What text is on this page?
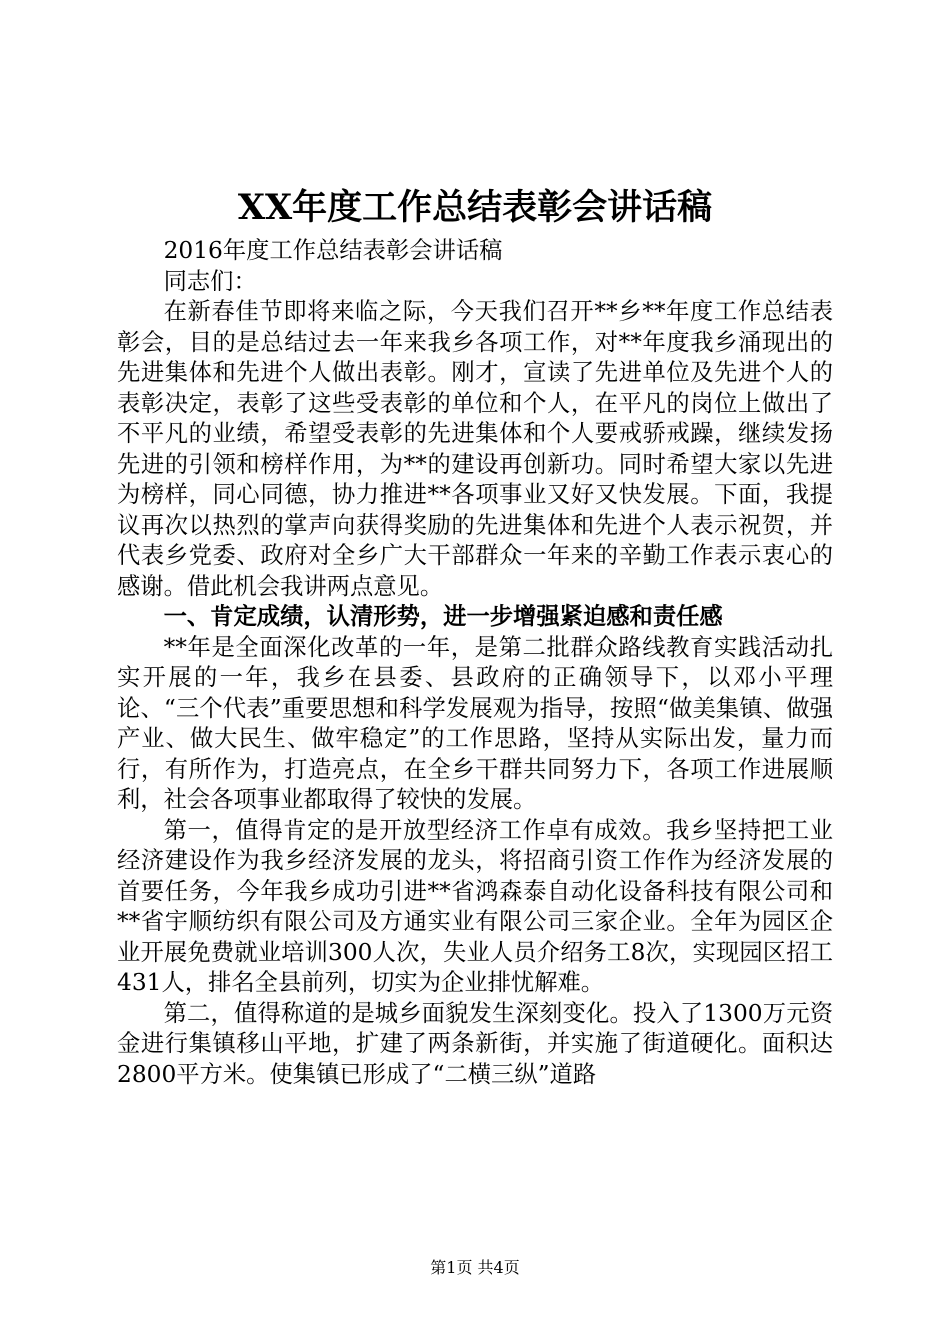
XX年度工作总结表彰会讲话稿

2016年度工作总结表彰会讲话稿

同志们：

在新春佳节即将来临之际，今天我们召开**乡**年度工作总结表彰会，目的是总结过去一年来我乡各项工作，对**年度我乡涌现出的先进集体和先进个人做出表彰。刚才，宣读了先进单位及先进个人的表彰决定，表彰了这些受表彰的单位和个人，在平凡的岗位上做出了不平凡的业绩，希望受表彰的先进集体和个人要戒骄戒躁，继续发扬先进的引领和榜样作用，为**的建设再创新功。同时希望大家以先进为榜样，同心同德，协力推进**各项事业又好又快发展。下面，我提议再次以热烈的掌声向获得奖励的先进集体和先进个人表示祝贺，并代表乡党委、政府对全乡广大干部群众一年来的辛勤工作表示衷心的感谢。借此机会我讲两点意见。

一、肯定成绩，认清形势，进一步增强紧迫感和责任感

**年是全面深化改革的一年，是第二批群众路线教育实践活动扎实开展的一年，我乡在县委、县政府的正确领导下，以邓小平理论、“三个代表”重要思想和科学发展观为指导，按照“做美集镇、做强产业、做大民生、做牢稳定”的工作思路，坚持从实际出发，量力而行，有所作为，打造亮点，在全乡干群共同努力下，各项工作进展顺利，社会各项事业都取得了较快的发展。

第一，值得肯定的是开放型经济工作卓有成效。我乡坚持把工业经济建设作为我乡经济发展的龙头，将招商引资工作作为经济发展的首要任务，今年我乡成功引进**省鸿森泰自动化设备科技有限公司和**省宇顺纺织有限公司及方通实业有限公司三家企业。全年为园区企业开展免费就业培训300人次，失业人员介绍务工8次，实现园区招工431人，排名全县前列，切实为企业排忧解难。

第二，值得称道的是城乡面貌发生深刻变化。投入了1300万元资金进行集镇移山平地，扩建了两条新街，并实施了街道硬化。面积达2800平方米。使集镇已形成了“二横三纵”道路

第1页 共4页
